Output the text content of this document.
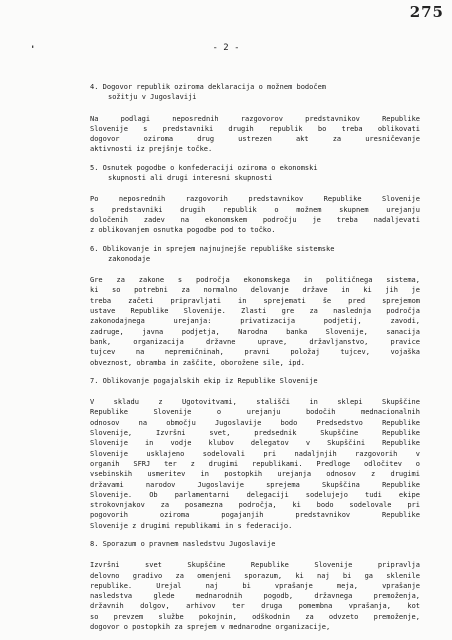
275
'	- 2 -
4. Dogovor republik oziroma deklaracija o možnem bodočem
sožitju v Jugoslaviji
Na podlagi neposrednih razgovorov predstavnikov Republike
Slovenije s predstavniki drugih republik bo treba oblikovati
dogovor oziroma drug ustrezen akt za uresničevanje
aktivnosti iz prejšnje točke.
5. Osnutek pogodbe o konfederaciji oziroma o ekonomski
skupnosti ali drugi interesni skupnosti
Po neposrednih razgovorih predstavnikov Republike Slovenije
s predstavniki drugih republik o možnem skupnem urejanju
določenih zadev na ekonomskem področju je treba nadaljevati
z oblikovanjem osnutka pogodbe pod to točko.
6. Oblikovanje in sprejem najnujnejše republiške sistemske
zakonodaje
Gre za zakone s področja ekonomskega in političnega sistema,
ki so potrebni za normalno delovanje države in ki jih je
treba začeti pripravljati in sprejemati še pred sprejemom
ustave Republike Slovenije. Zlasti gre za naslednja področja
zakonodajnega urejanja: privatizacija podjetij, zavodi,
zadruge, javna podjetja, Narodna banka Slovenije, sanacija
bank, organizacija državne uprave, državljanstvo, pravice
tujcev na nepremičninah, pravni položaj tujcev, vojaška
obveznost, obramba in zaščite, oborožene sile, ipd.
7. Oblikovanje pogajalskih ekip iz Republike Slovenije
V skladu z Ugotovitvami, stališči in sklepi Skupščine
Republike Slovenije o urejanju bodočih mednacionalnih
odnosov na območju Jugoslavije bodo Predsedstvo Republike
Slovenije, Izvršni svet, predsednik Skupščine Republike
Slovenije in vodje klubov delegatov v Skupščini Republike
Slovenije usklajeno sodelovali pri nadaljnjih razgovorih v
organih SFRJ ter z drugimi republikami. Predloge odločitev o
vsebinskih usmeritev in postopkih urejanja odnosov z drugimi
državami narodov Jugoslavije sprejema Skupščina Republike
Slovenije. Ob parlamentarni delegaciji sodelujejo tudi ekipe
strokovnjakov za posamezna področja, ki bodo sodelovale pri
pogovorih oziroma pogajanjih predstavnikov Republike
Slovenije z drugimi republikami in s federacijo.
8. Sporazum o pravnem nasledstvu Jugoslavije
Izvršni svet Skupščine Republike Slovenije pripravlja
delovno gradivo za omenjeni sporazum, ki naj bi ga sklenile
republike. Urejal naj bi vprašanje meja, vprašanje
nasledstva glede mednarodnih pogodb, državnega premoženja,
državnih dolgov, arhivov ter druga pomembna vprašanja, kot
so prevzem službe pokojnin, odškodnin za odvzeto premoženje,
dogovor o postopkih za sprejem v mednarodne organizacije,
